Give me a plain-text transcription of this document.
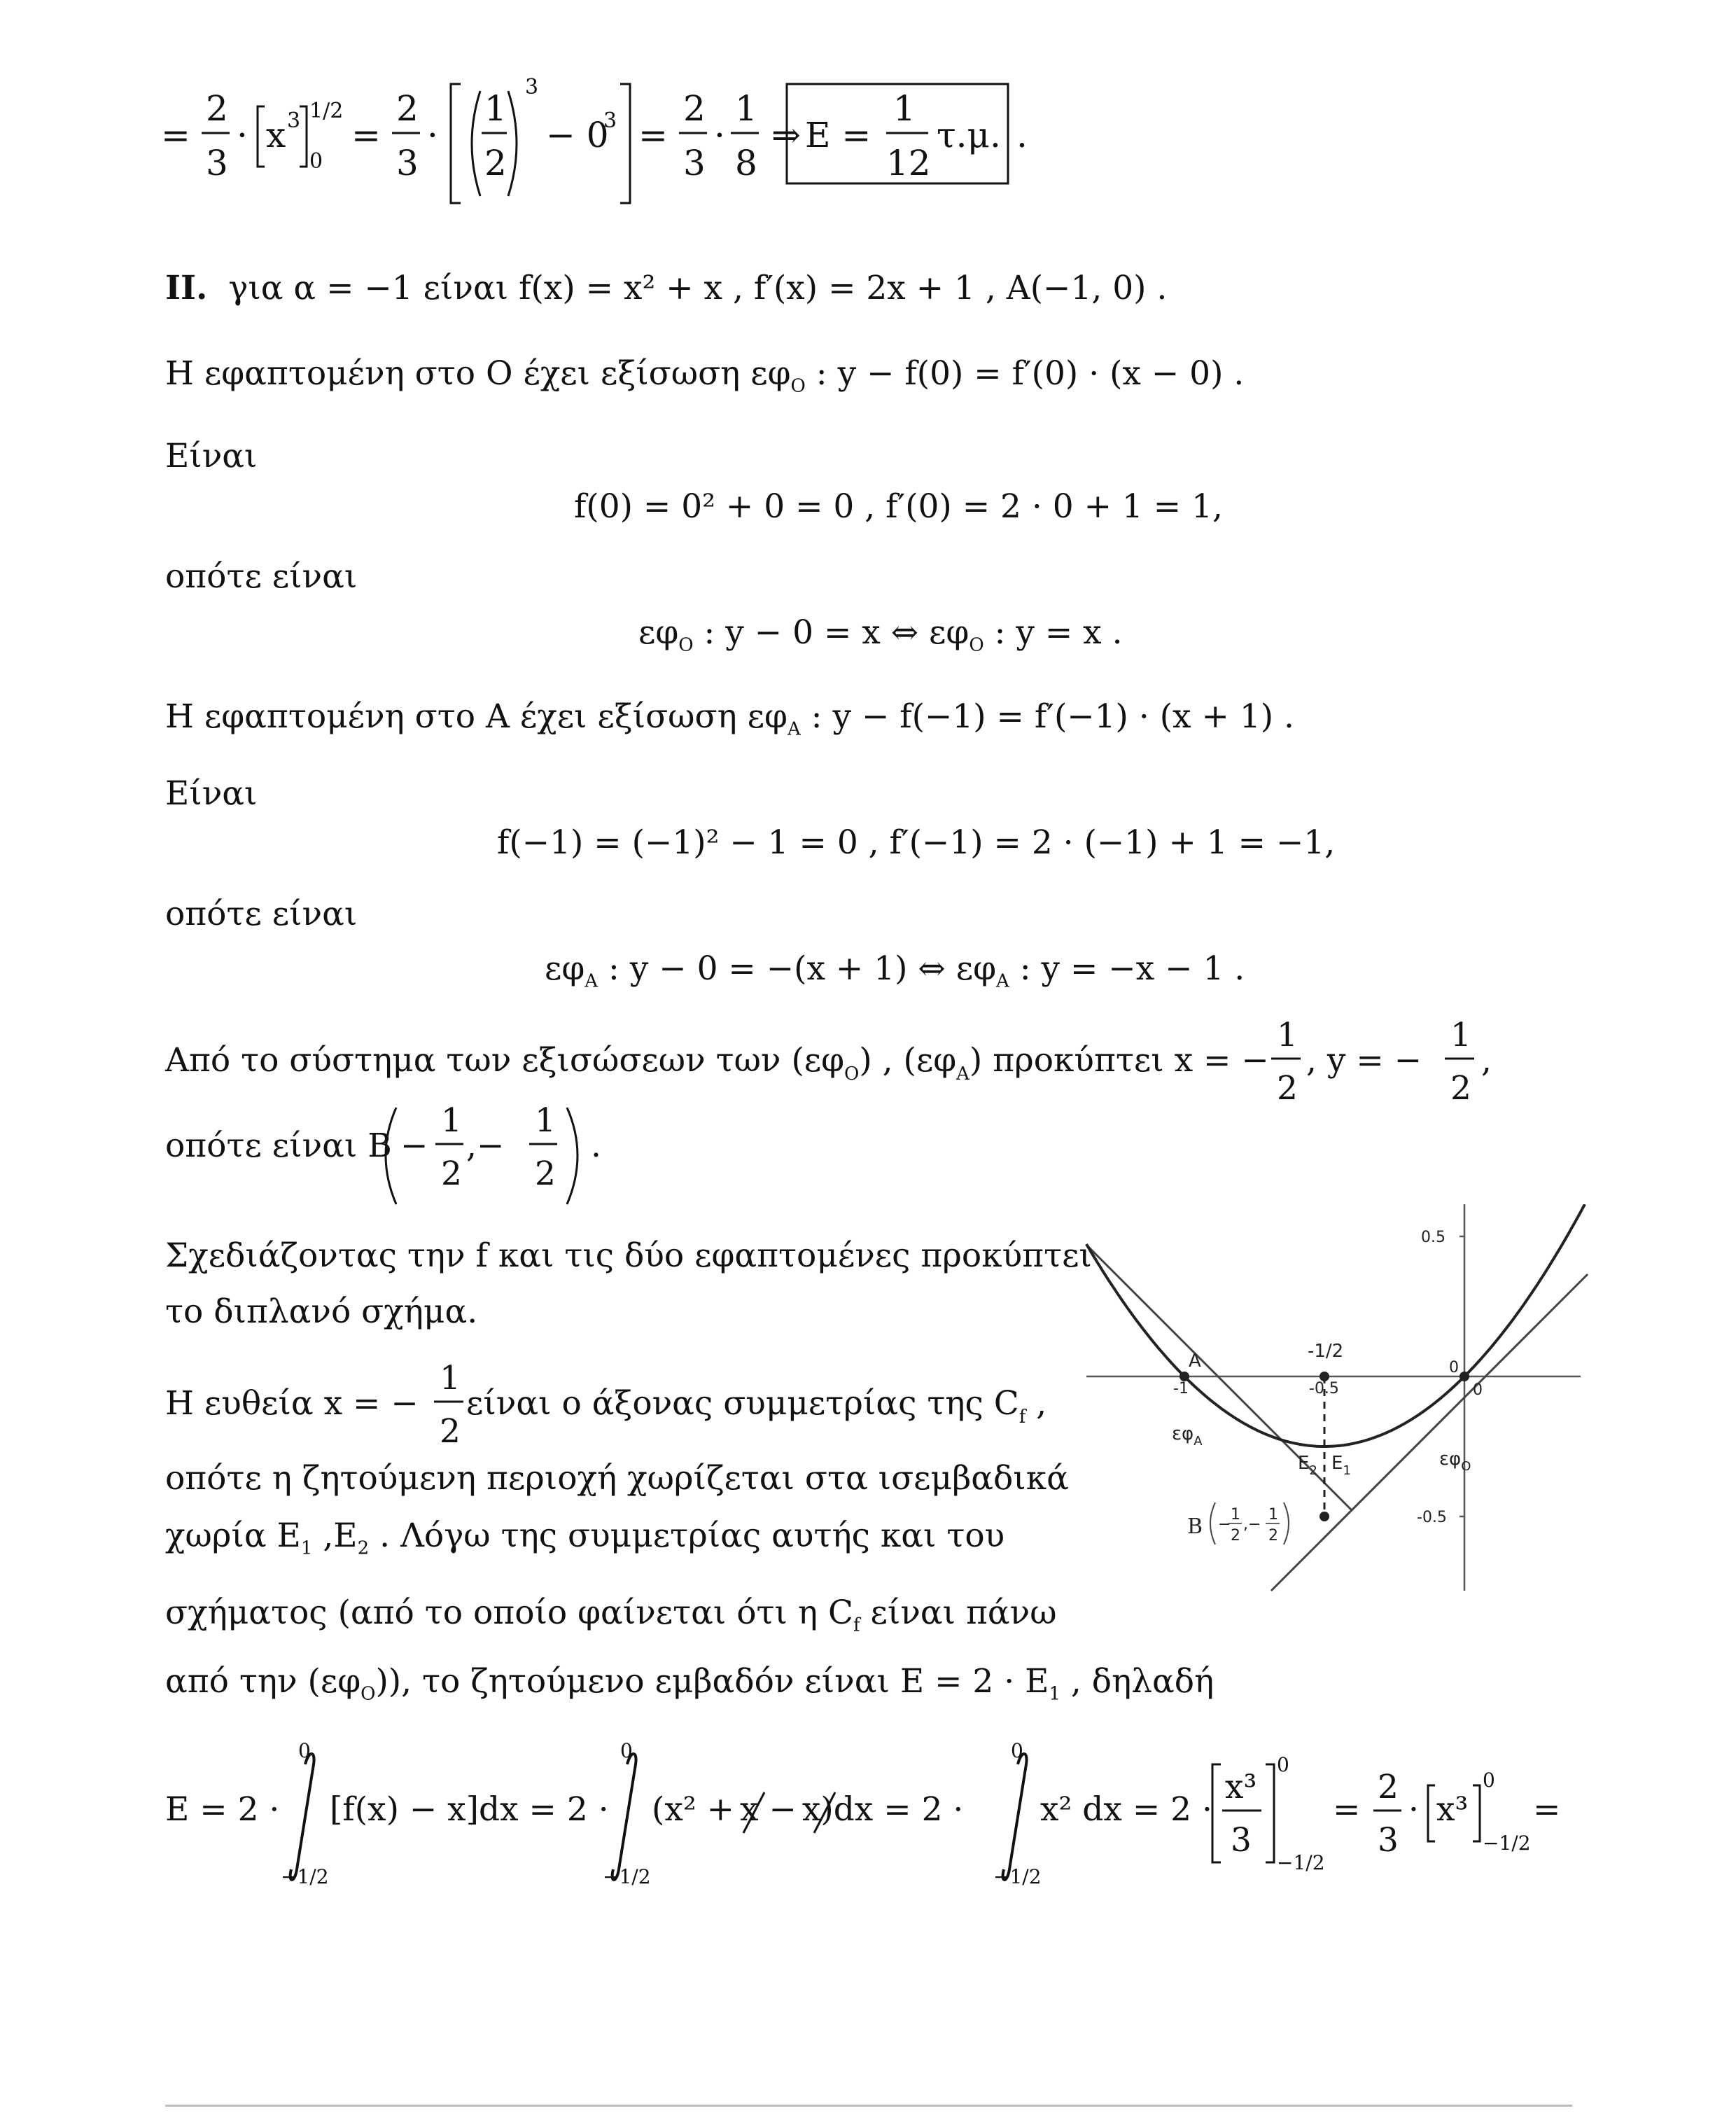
=
2
3
· x 3 1/2
0
=
2
3
·
1
2
3
− 0
3 =
2
3
·
1
8
⇒ Ε =
1
12
τ.μ. .
II. για α = −1 είναι f(x) = x² + x , f′(x) = 2x + 1 , A(−1, 0) .
Η εφαπτομένη στο Ο έχει εξίσωση $\varepsilon\varphi_O$ : y − f(0) = f′(0) · (x − 0) .
Είναι
f(0) = 0² + 0 = 0 , f′(0) = 2 · 0 + 1 = 1,
οπότε είναι
$\varepsilon\varphi_O$ : y − 0 = x ⇔ $\varepsilon\varphi_O$ : y = x .
Η εφαπτομένη στο A έχει εξίσωση $\varepsilon\varphi_A$ : y − f(−1) = f′(−1) · (x + 1) .
Είναι
f(−1) = (−1)² − 1 = 0 , f′(−1) = 2 · (−1) + 1 = −1,
οπότε είναι
$\varepsilon\varphi_A$ : y − 0 = −(x + 1) ⇔ $\varepsilon\varphi_A$ : y = −x − 1 .
Από το σύστημα των εξισώσεων των $(\varepsilon\varphi_O)$ , $(\varepsilon\varphi_A)$ προκύπτει x = −
1
2
, y = −
1
2
,
οπότε είναι B −
1
2
,−
1
2
.
Σχεδιάζοντας την f και τις δύο εφαπτομένες προκύπτει
το διπλανό σχήμα.
Η ευθεία x = −
1
2
είναι ο άξονας συμμετρίας της $C_f$ ,
οπότε η ζητούμενη περιοχή χωρίζεται στα ισεμβαδικά
χωρία $E_1$ $,E_2$ . Λόγω της συμμετρίας αυτής και του
σχήματος (από το οποίο φαίνεται ότι η $C_f$ είναι πάνω
από την $(\varepsilon\varphi_O)$), το ζητούμενο εμβαδόν είναι $E = 2 \cdot E_1$ , δηλαδή
E = 2 ·
0
−1/2
[f(x) − x]dx = 2 ·
0
−1/2
(x² + x − x)dx = 2 ·
0
−1/2
x² dx = 2 ·
x³
3
0
−1/2
=
2
3
· x³
0
−1/2
=
0.5
-0.5
-0.5
-1	0
0
-1/2
A
$\varepsilon\varphi_A$
$\varepsilon\varphi_O$
$E_2$ $E_1$
B −
1
2
,−
1
2
